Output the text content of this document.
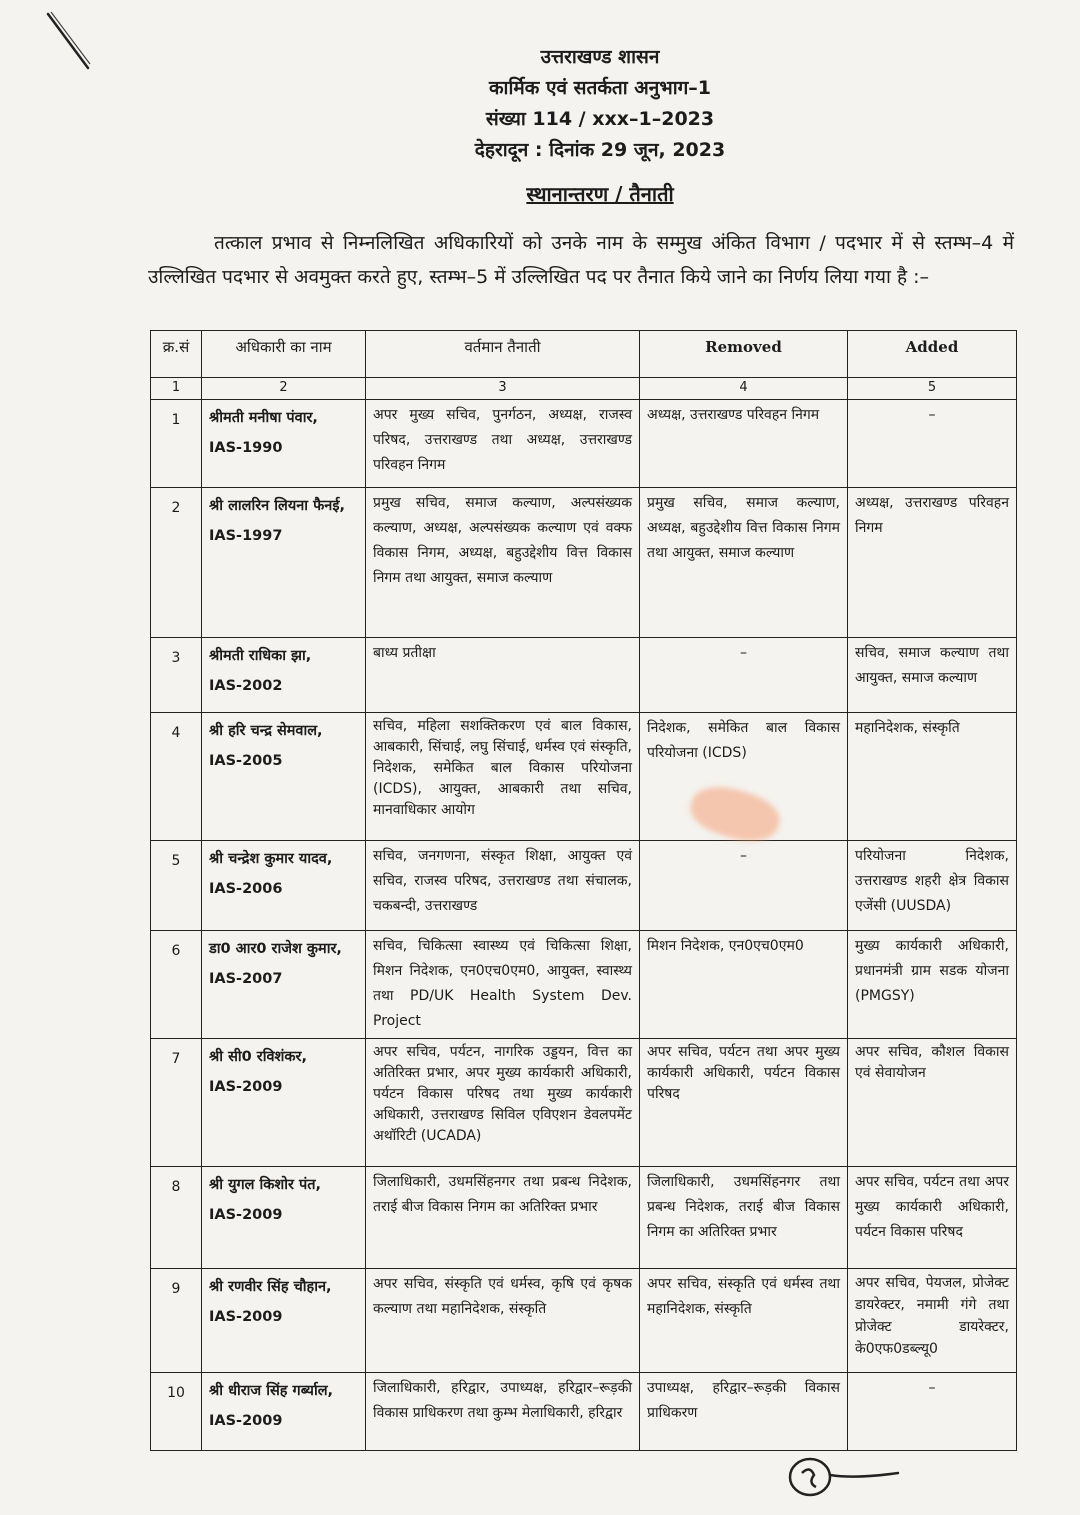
उत्तराखण्ड शासन
कार्मिक एवं सतर्कता अनुभाग–1
संख्या 114 / xxx–1–2023
देहरादून : दिनांक 29 जून, 2023
स्थानान्तरण / तैनाती
तत्काल प्रभाव से निम्नलिखित अधिकारियों को उनके नाम के सम्मुख अंकित विभाग / पदभार में से स्तम्भ–4 में उल्लिखित पदभार से अवमुक्त करते हुए, स्तम्भ–5 में उल्लिखित पद पर तैनात किये जाने का निर्णय लिया गया है :–
क्र.सं	अधिकारी का नाम	वर्तमान तैनाती	Removed	Added
1	2	3	4	5
1	श्रीमती मनीषा पंवार,
IAS-1990	अपर मुख्य सचिव, पुनर्गठन, अध्यक्ष, राजस्व परिषद, उत्तराखण्ड तथा अध्यक्ष, उत्तराखण्ड परिवहन निगम	अध्यक्ष, उत्तराखण्ड परिवहन निगम	–

2	श्री लालरिन लियना फैनई,
IAS-1997	प्रमुख सचिव, समाज कल्याण, अल्पसंख्यक कल्याण, अध्यक्ष, अल्पसंख्यक कल्याण एवं वक्फ विकास निगम, अध्यक्ष, बहुउद्देशीय वित्त विकास निगम तथा आयुक्त, समाज कल्याण	प्रमुख सचिव, समाज कल्याण, अध्यक्ष, बहुउद्देशीय वित्त विकास निगम तथा आयुक्त, समाज कल्याण	अध्यक्ष, उत्तराखण्ड परिवहन निगम
3	श्रीमती राधिका झा,
IAS-2002	बाध्य प्रतीक्षा	–	सचिव, समाज कल्याण तथा आयुक्त, समाज कल्याण
4	श्री हरि चन्द्र सेमवाल,
IAS-2005	सचिव, महिला सशक्तिकरण एवं बाल विकास, आबकारी, सिंचाई, लघु सिंचाई, धर्मस्व एवं संस्कृति, निदेशक, समेकित बाल विकास परियोजना (ICDS), आयुक्त, आबकारी तथा सचिव, मानवाधिकार आयोग	निदेशक, समेकित बाल विकास परियोजना (ICDS)	महानिदेशक, संस्कृति
5	श्री चन्द्रेश कुमार यादव,
IAS-2006	सचिव, जनगणना, संस्कृत शिक्षा, आयुक्त एवं सचिव, राजस्व परिषद, उत्तराखण्ड तथा संचालक, चकबन्दी, उत्तराखण्ड	–	परियोजना निदेशक, उत्तराखण्ड शहरी क्षेत्र विकास एजेंसी (UUSDA)
6	डा0 आर0 राजेश कुमार,
IAS-2007	सचिव, चिकित्सा स्वास्थ्य एवं चिकित्सा शिक्षा, मिशन निदेशक, एन0एच0एम0, आयुक्त, स्वास्थ्य तथा PD/UK Health System Dev. Project	मिशन निदेशक, एन0एच0एम0	मुख्य कार्यकारी अधिकारी, प्रधानमंत्री ग्राम सडक योजना (PMGSY)
7	श्री सी0 रविशंकर,
IAS-2009	अपर सचिव, पर्यटन, नागरिक उड्डयन, वित्त का अतिरिक्त प्रभार, अपर मुख्य कार्यकारी अधिकारी, पर्यटन विकास परिषद तथा मुख्य कार्यकारी अधिकारी, उत्तराखण्ड सिविल एविएशन डेवलपमेंट अथॉरिटी (UCADA)	अपर सचिव, पर्यटन तथा अपर मुख्य कार्यकारी अधिकारी, पर्यटन विकास परिषद	अपर सचिव, कौशल विकास एवं सेवायोजन
8	श्री युगल किशोर पंत,
IAS-2009	जिलाधिकारी, उधमसिंहनगर तथा प्रबन्ध निदेशक, तराई बीज विकास निगम का अतिरिक्त प्रभार	जिलाधिकारी, उधमसिंहनगर तथा प्रबन्ध निदेशक, तराई बीज विकास निगम का अतिरिक्त प्रभार	अपर सचिव, पर्यटन तथा अपर मुख्य कार्यकारी अधिकारी, पर्यटन विकास परिषद
9	श्री रणवीर सिंह चौहान,
IAS-2009	अपर सचिव, संस्कृति एवं धर्मस्व, कृषि एवं कृषक कल्याण तथा महानिदेशक, संस्कृति	अपर सचिव, संस्कृति एवं धर्मस्व तथा महानिदेशक, संस्कृति	अपर सचिव, पेयजल, प्रोजेक्ट डायरेक्टर, नमामी गंगे तथा प्रोजेक्ट डायरेक्टर, के0एफ0डब्ल्यू0
10	श्री धीराज सिंह गर्ब्याल,
IAS-2009	जिलाधिकारी, हरिद्वार, उपाध्यक्ष, हरिद्वार–रूड़की विकास प्राधिकरण तथा कुम्भ मेलाधिकारी, हरिद्वार	उपाध्यक्ष, हरिद्वार–रूड़की विकास प्राधिकरण	–
